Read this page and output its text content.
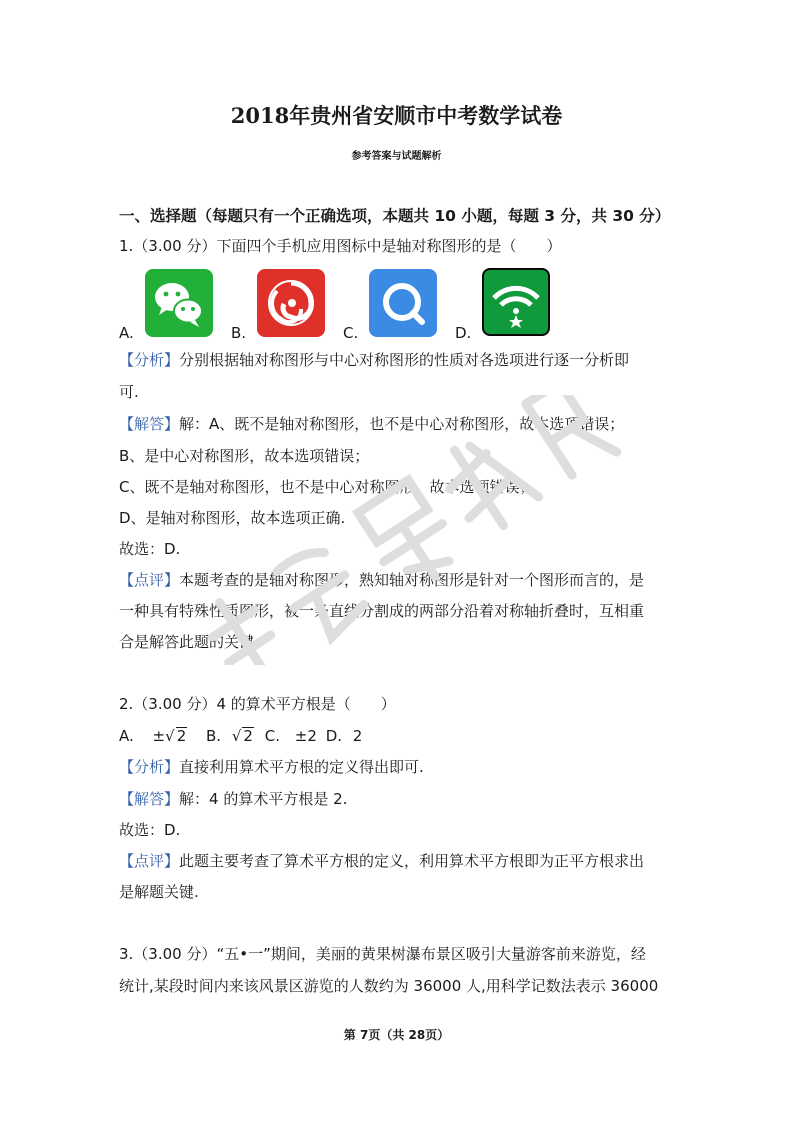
2018年贵州省安顺市中考数学试卷
参考答案与试题解析
一、选择题（每题只有一个正确选项，本题共 10 小题，每题 3 分，共 30 分）
1.（3.00 分）下面四个手机应用图标中是轴对称图形的是（　　）
A.	B.	C.	D.
【分析】分别根据轴对称图形与中心对称图形的性质对各选项进行逐一分析即
可.
【解答】解：A、既不是轴对称图形，也不是中心对称图形，故本选项错误；
B、是中心对称图形，故本选项错误；
C、既不是轴对称图形，也不是中心对称图形，故本选项错误；
D、是轴对称图形，故本选项正确.
故选：D.
【点评】本题考查的是轴对称图形，熟知轴对称图形是针对一个图形而言的，是
一种具有特殊性质图形，被一条直线分割成的两部分沿着对称轴折叠时，互相重
合是解答此题的关键.
2.（3.00 分）4 的算术平方根是（　　）
A. ±√ 2 B. √ 2 C. ±2 D. 2
【分析】直接利用算术平方根的定义得出即可.
【解答】解：4 的算术平方根是 2.
故选：D.
【点评】此题主要考查了算术平方根的定义，利用算术平方根即为正平方根求出
是解题关键.
3.（3.00 分）“五•一”期间，美丽的黄果树瀑布景区吸引大量游客前来游览，经
统计,某段时间内来该风景区游览的人数约为 36000 人,用科学记数法表示 36000
第 7页（共 28页）
